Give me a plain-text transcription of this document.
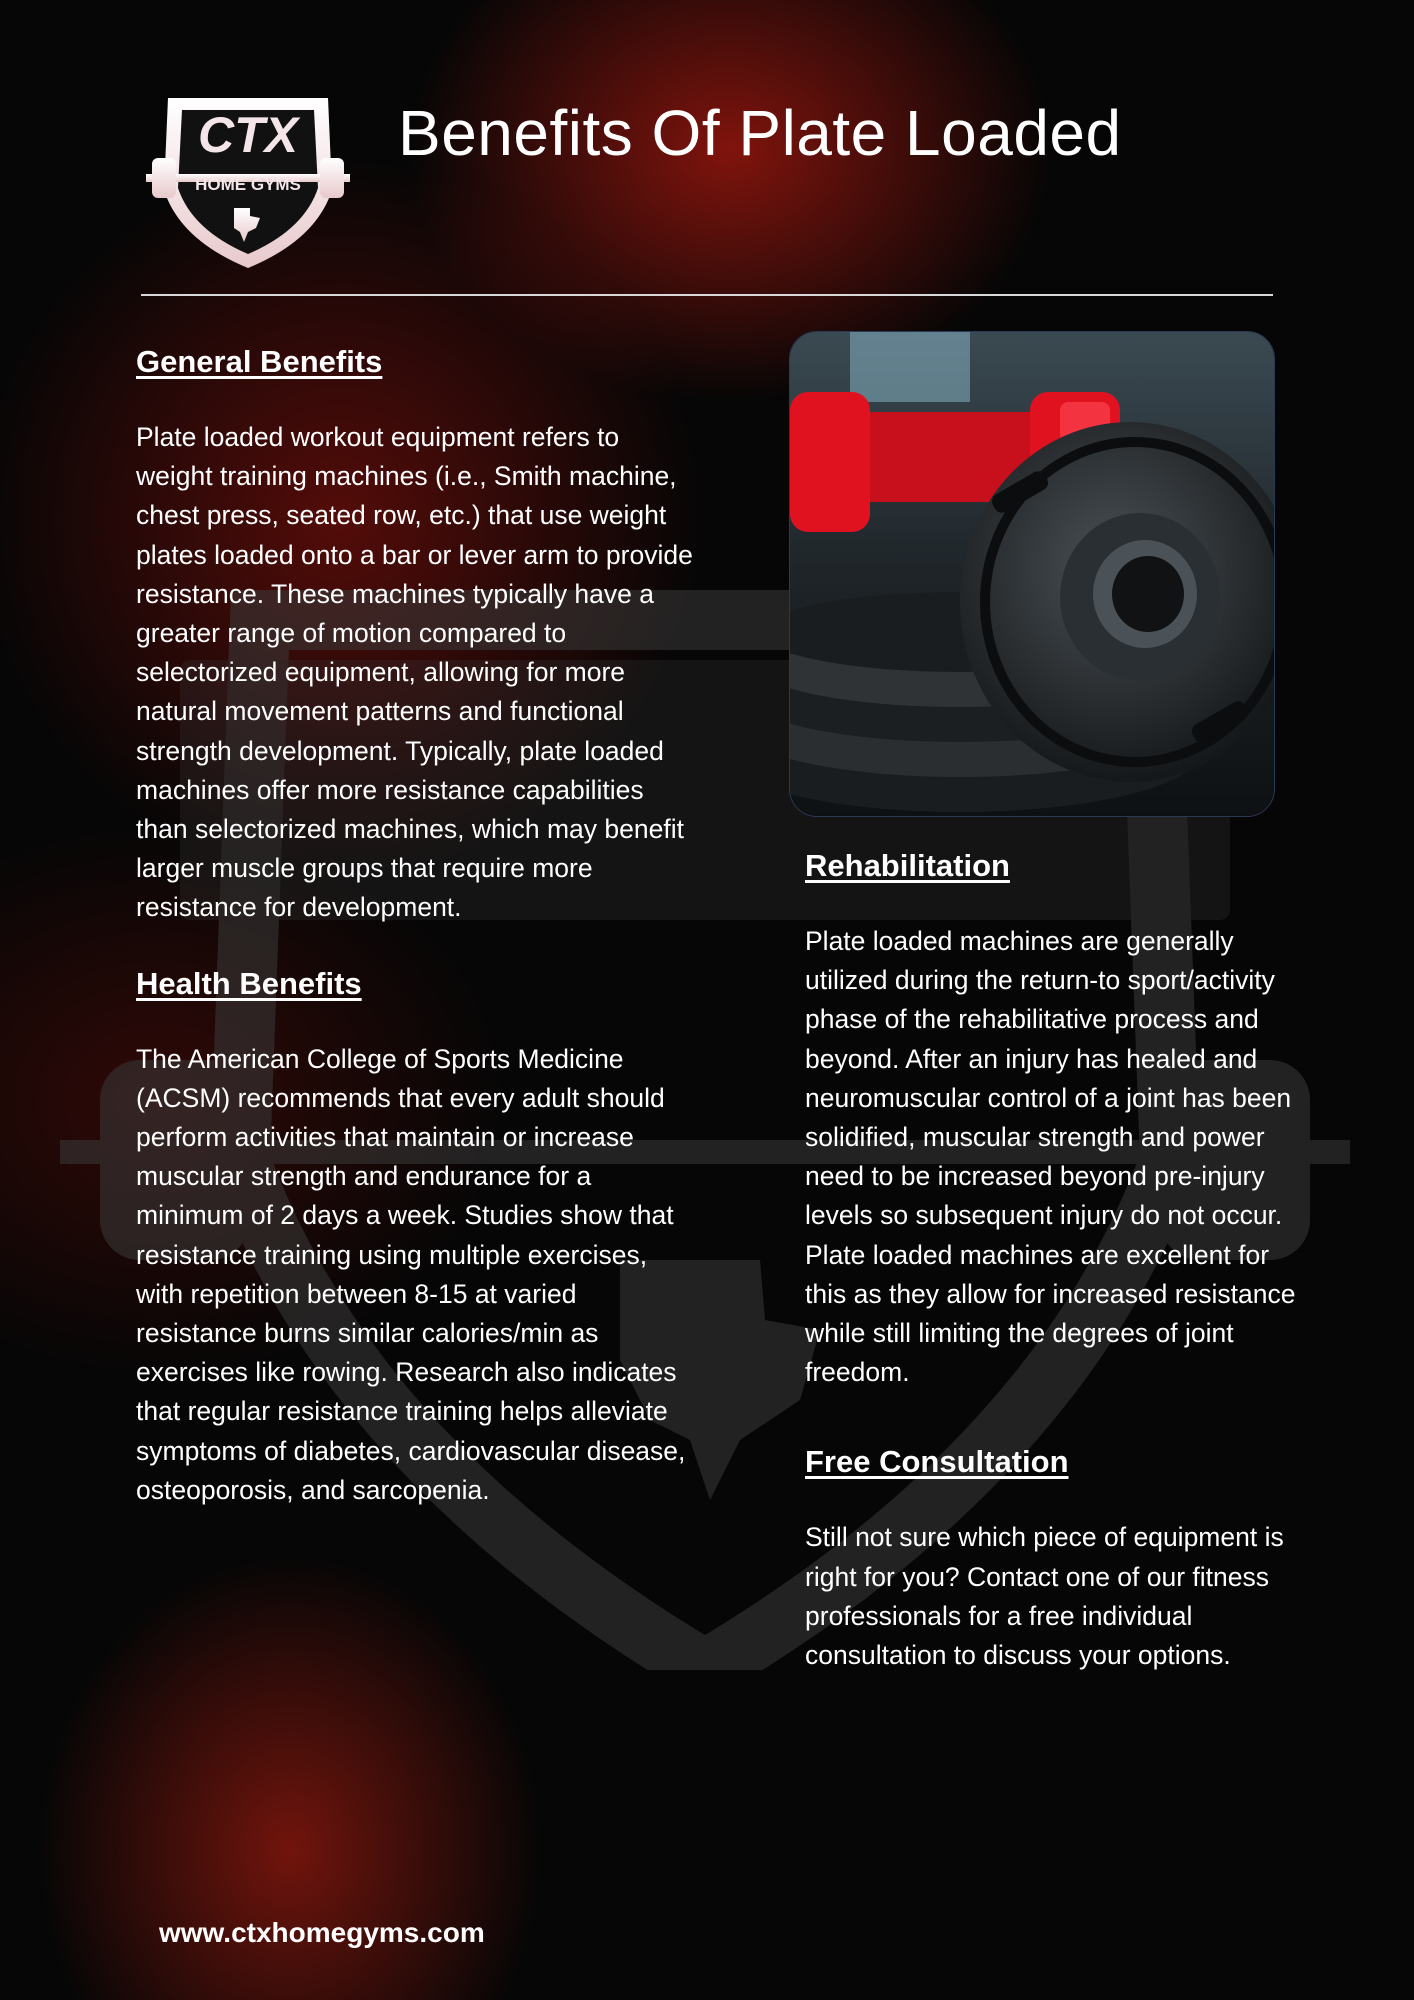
CTX
HOME GYMS
Benefits Of Plate Loaded
General Benefits

Plate loaded workout equipment refers to weight training machines (i.e., Smith machine, chest press, seated row, etc.) that use weight plates loaded onto a bar or lever arm to provide resistance. These machines typically have a greater range of motion compared to selectorized equipment, allowing for more natural movement patterns and functional strength development. Typically, plate loaded machines offer more resistance capabilities than selectorized machines, which may benefit larger muscle groups that require more resistance for development.

Health Benefits

The American College of Sports Medicine (ACSM) recommends that every adult should perform activities that maintain or increase muscular strength and endurance for a minimum of 2 days a week. Studies show that resistance training using multiple exercises, with repetition between 8-15 at varied resistance burns similar calories/min as exercises like rowing. Research also indicates that regular resistance training helps alleviate symptoms of diabetes, cardiovascular disease, osteoporosis, and sarcopenia.

Rehabilitation

Plate loaded machines are generally utilized during the return-to sport/activity phase of the rehabilitative process and beyond. After an injury has healed and neuromuscular control of a joint has been solidified, muscular strength and power need to be increased beyond pre-injury levels so subsequent injury do not occur. Plate loaded machines are excellent for this as they allow for increased resistance while still limiting the degrees of joint freedom.

Free Consultation

Still not sure which piece of equipment is right for you? Contact one of our fitness professionals for a free individual consultation to discuss your options.

www.ctxhomegyms.com
